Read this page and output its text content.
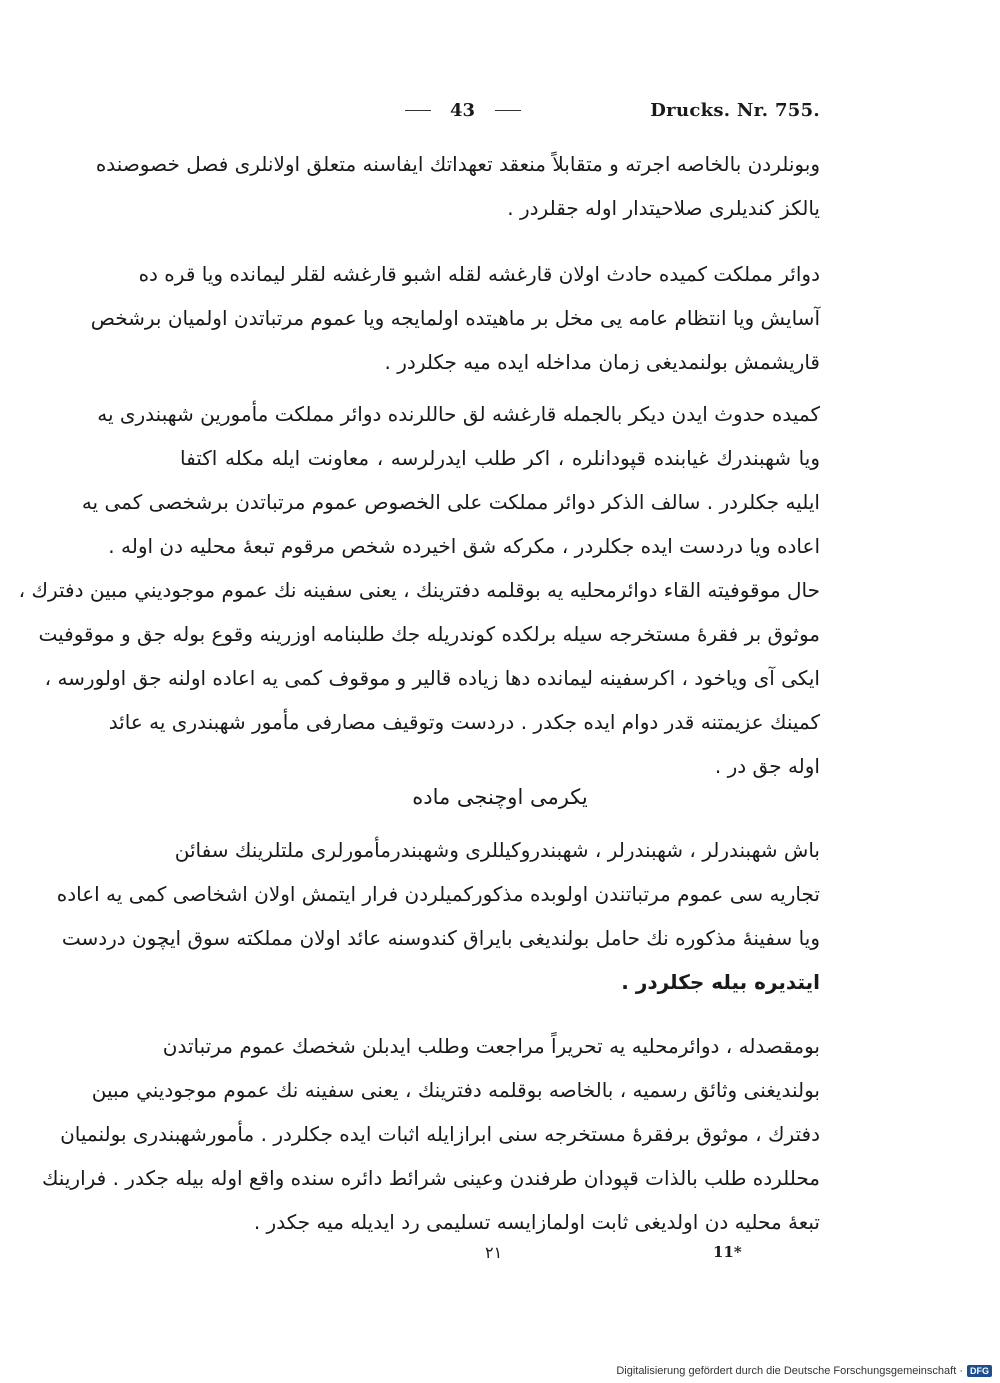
43	Drucks. Nr. 755.
وبونلردن بالخاصه اجرته و متقابلاً منعقد تعهداتك ايفاسنه متعلق اولانلرى فصل خصوصنده
يالكز كنديلرى صلاحيتدار اوله جقلردر .
دوائر مملكت كميده حادث اولان قارغشه لقله اشبو قارغشه لقلر ليمانده ويا قره ده
آسايش ويا انتظام عامه يى مخل بر ماهيتده اولمايجه ويا عموم مرتباتدن اولميان برشخص
قاريشمش بولنمديغى زمان مداخله ايده ميه جكلردر .
كميده حدوث ايدن ديكر بالجمله قارغشه لق حاللرنده دوائر مملكت مأمورين شهبندرى يه
ويا شهبندرك غيابنده قپودانلره ، اكر طلب ايدرلرسه ، معاونت ايله مكله اكتفا
ايليه جكلردر . سالف الذكر دوائر مملكت على الخصوص عموم مرتباتدن برشخصى كمى يه
اعاده ويا دردست ايده جكلردر ، مكركه شق اخيرده شخص مرقوم تبعهٔ محليه دن اوله .
حال موقوفيته القاء دوائرمحليه يه بوقلمه دفترينك ، يعنى سفينه نك عموم موجوديني مبين دفترك ،
موثوق بر فقرهٔ مستخرجه سيله برلكده كوندريله جك طلبنامه اوزرينه وقوع بوله جق و موقوفيت
ايكى آى وياخود ، اكرسفينه ليمانده دها زياده قالير و موقوف كمى يه اعاده اولنه جق اولورسه ،
كمينك عزيمتنه قدر دوام ايده جكدر . دردست وتوقيف مصارفى مأمور شهبندرى يه عائد
اوله جق در .
يكرمى اوچنجى ماده
باش شهبندرلر ، شهبندرلر ، شهبندروكيللرى وشهبندرمأمورلرى ملتلرينك سفائن
تجاريه سى عموم مرتباتندن اولوبده مذكوركميلردن فرار ايتمش اولان اشخاصى كمى يه اعاده
ويا سفينهٔ مذكوره نك حامل بولنديغى بايراق كندوسنه عائد اولان مملكته سوق ايچون دردست
ايتديره بيله جكلردر .
بومقصدله ، دوائرمحليه يه تحريراً مراجعت وطلب ايدبلن شخصك عموم مرتباتدن
بولنديغنى وثائق رسميه ، بالخاصه بوقلمه دفترينك ، يعنى سفينه نك عموم موجوديني مبين
دفترك ، موثوق برفقرهٔ مستخرجه سنى ابرازايله اثبات ايده جكلردر . مأمورشهبندرى بولنميان
محللرده طلب بالذات قپودان طرفندن وعينى شرائط دائره سنده واقع اوله بيله جكدر . فرارينك
تبعهٔ محليه دن اولديغى ثابت اولمازايسه تسليمى رد ايديله ميه جكدر .
٢١	11*
Digitalisierung gefördert durch die Deutsche Forschungsgemeinschaft · DFG
